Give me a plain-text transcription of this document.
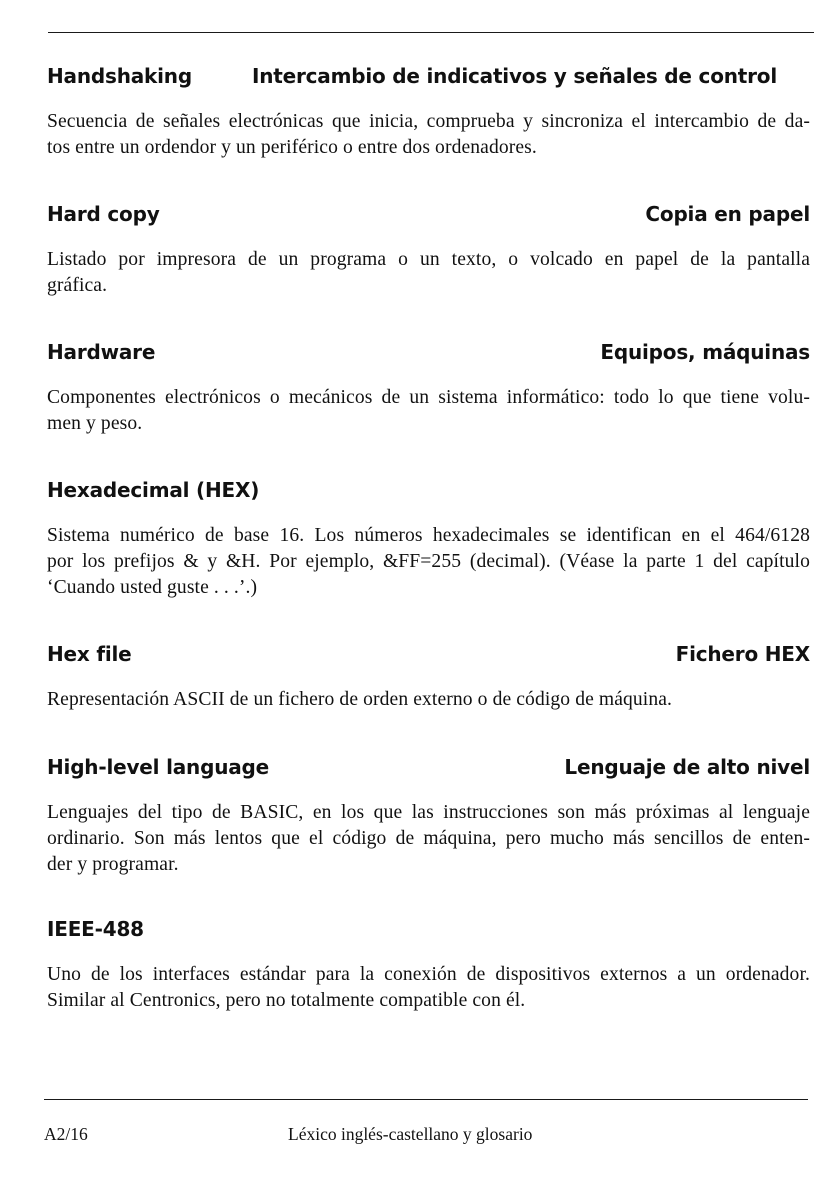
Handshaking	Intercambio de indicativos y señales de control
Secuencia de señales electrónicas que inicia, comprueba y sincroniza el intercambio de da-
tos entre un ordendor y un periférico o entre dos ordenadores.
Hard copy	Copia en papel
Listado por impresora de un programa o un texto, o volcado en papel de la pantalla
gráfica.
Hardware	Equipos, máquinas
Componentes electrónicos o mecánicos de un sistema informático: todo lo que tiene volu-
men y peso.
Hexadecimal (HEX)
Sistema numérico de base 16. Los números hexadecimales se identifican en el 464/6128
por los prefijos & y &H. Por ejemplo, &FF=255 (decimal). (Véase la parte 1 del capítulo
‘Cuando usted guste . . .’.)
Hex file	Fichero HEX
Representación ASCII de un fichero de orden externo o de código de máquina.
High-level language	Lenguaje de alto nivel
Lenguajes del tipo de BASIC, en los que las instrucciones son más próximas al lenguaje
ordinario. Son más lentos que el código de máquina, pero mucho más sencillos de enten-
der y programar.
IEEE-488
Uno de los interfaces estándar para la conexión de dispositivos externos a un ordenador.
Similar al Centronics, pero no totalmente compatible con él.
A2/16	Léxico inglés-castellano y glosario
